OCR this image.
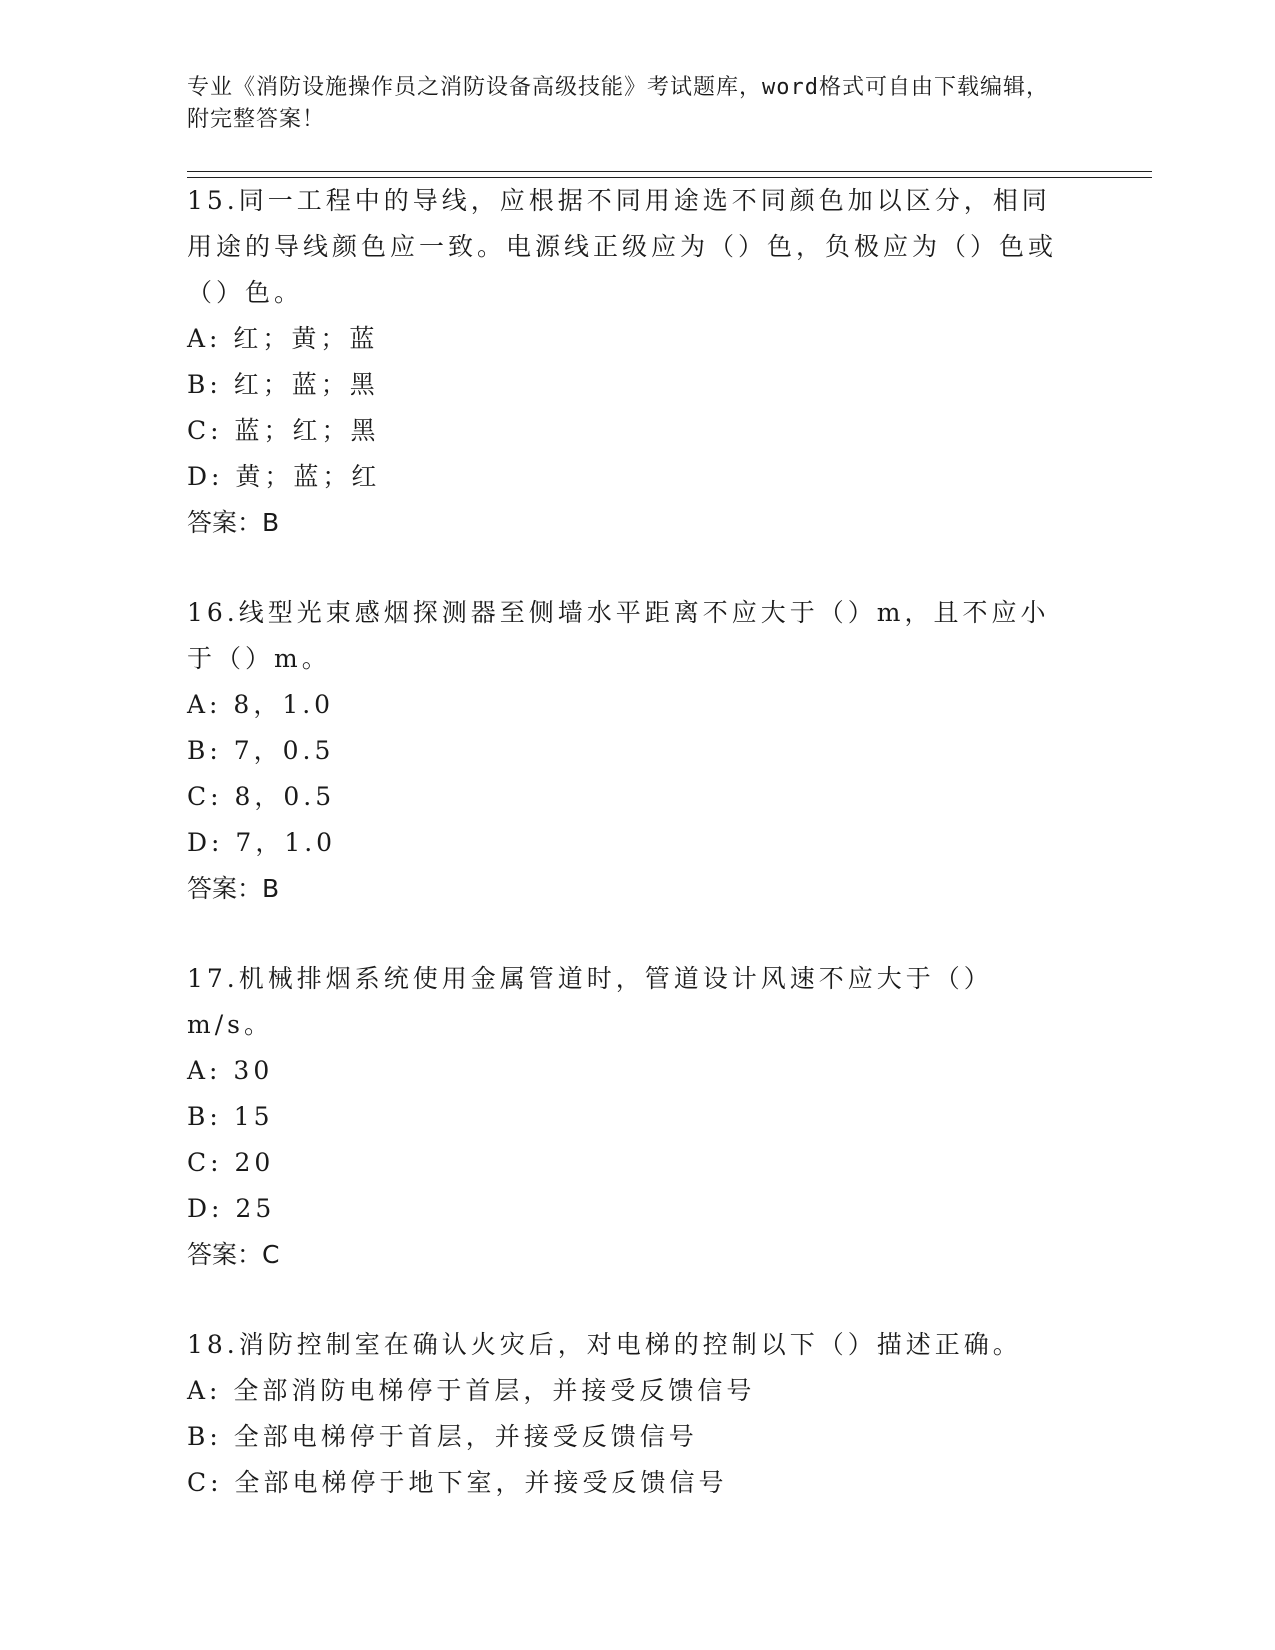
专业《消防设施操作员之消防设备高级技能》考试题库，word格式可自由下载编辑，附完整答案！

15.同一工程中的导线，应根据不同用途选不同颜色加以区分，相同用途的导线颜色应一致。电源线正级应为（）色，负极应为（）色或（）色。

A: 红；黄；蓝

B: 红；蓝；黑

C: 蓝；红；黑

D: 黄；蓝；红

答案：B

16.线型光束感烟探测器至侧墙水平距离不应大于（）m，且不应小于（）m。

A: 8，1.0

B: 7，0.5

C: 8，0.5

D: 7，1.0

答案：B

17.机械排烟系统使用金属管道时，管道设计风速不应大于（）m/s。

A: 30

B: 15

C: 20

D: 25

答案：C

18.消防控制室在确认火灾后，对电梯的控制以下（）描述正确。

A: 全部消防电梯停于首层，并接受反馈信号

B: 全部电梯停于首层，并接受反馈信号

C: 全部电梯停于地下室，并接受反馈信号
